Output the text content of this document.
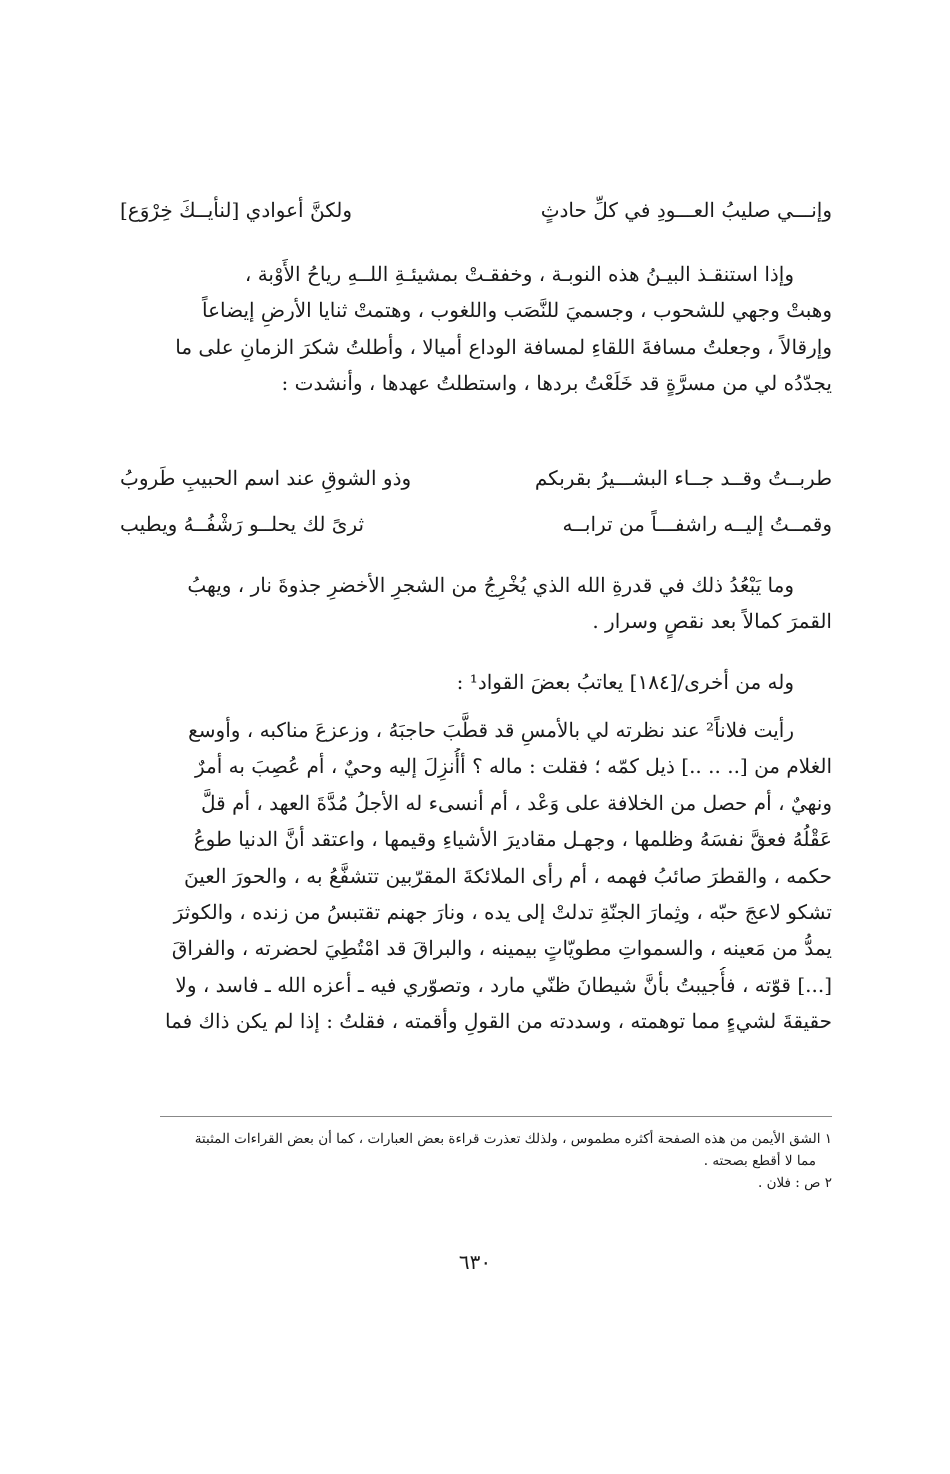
وإنـــي صليبُ العـــودِ في كلِّ حادثٍ
ولكنَّ أعوادي [لنأيــكَ خِرْوَع]
وإذا استنقـذ البيـنُ هذه النوبـة ، وخفقـتْ بمشيئـةِ اللــهِ رياحُ الأَوْبة ،
وهبتْ وجهي للشحوب ، وجسميَ للنَّصَب واللغوب ، وهتمتْ ثنايا الأرضِ إيضاعاً
وإرقالاً ، وجعلتُ مسافةَ اللقاءِ لمسافة الوداع أميالا ، وأطلتُ شكرَ الزمانِ على ما
يجدّدُه لي من مسرَّةٍ قد خَلَعْتُ بردها ، واستطلتُ عهدها ، وأنشدت :
طربــتُ وقــد جــاء البشـــيرُ بقربكم
وذو الشوقِ عند اسم الحبيبِ طَروبُ
وقمــتُ إليــه راشفـــاً من ترابــه
ثرىً لك يحلــو رَشْفُــهُ ويطيب
وما يَبْعُدُ ذلك في قدرةِ الله الذي يُخْرِجُ من الشجرِ الأخضرِ جذوةَ نار ، ويهبُ
القمرَ كمالاً بعد نقصٍ وسرار .
وله من أخرى/[١٨٤] يعاتبُ بعضَ القواد¹ :
رأيت فلاناً² عند نظرته لي بالأمسِ قد قطَّبَ حاجبَهُ ، وزعزعَ مناكبه ، وأوسع
الغلام من [.. .. ..] ذيل كمّه ؛ فقلت : ماله ؟ أأُنزِلَ إليه وحيٌ ، أم عُصِبَ به أمرٌ
ونهيٌ ، أم حصل من الخلافة على وَعْد ، أم أنسىء له الأجلُ مُدَّةَ العهد ، أم قلَّ
عَقْلُهُ فعقَّ نفسَهُ وظلمها ، وجهـل مقاديرَ الأشياءِ وقيمها ، واعتقد أنَّ الدنيا طوعُ
حكمه ، والقطرَ صائبُ فهمه ، أم رأى الملائكةَ المقرّبين تتشفَّعُ به ، والحورَ العينَ
تشكو لاعجَ حبّه ، وثِمارَ الجنّةِ تدلتْ إلى يده ، ونارَ جهنم تقتبسُ من زنده ، والكوثرَ
يمدُّ من مَعينه ، والسمواتِ مطويّاتٍ بيمينه ، والبراقَ قد امْتُطِيَ لحضرته ، والفراقَ
[...] قوّته ، فأُجيبتُ بأنَّ شيطانَ ظنّي مارد ، وتصوّري فيه ـ أعزه الله ـ فاسد ، ولا
حقيقةَ لشيءٍ مما توهمته ، وسددته من القولِ وأقمته ، فقلتُ : إذا لم يكن ذاك فما
١ الشق الأيمن من هذه الصفحة أكثره مطموس ، ولذلك تعذرت قراءة بعض العبارات ، كما أن بعض القراءات المثبتة
مما لا أقطع بصحته .
٢ ص : فلان .
٦٣٠
